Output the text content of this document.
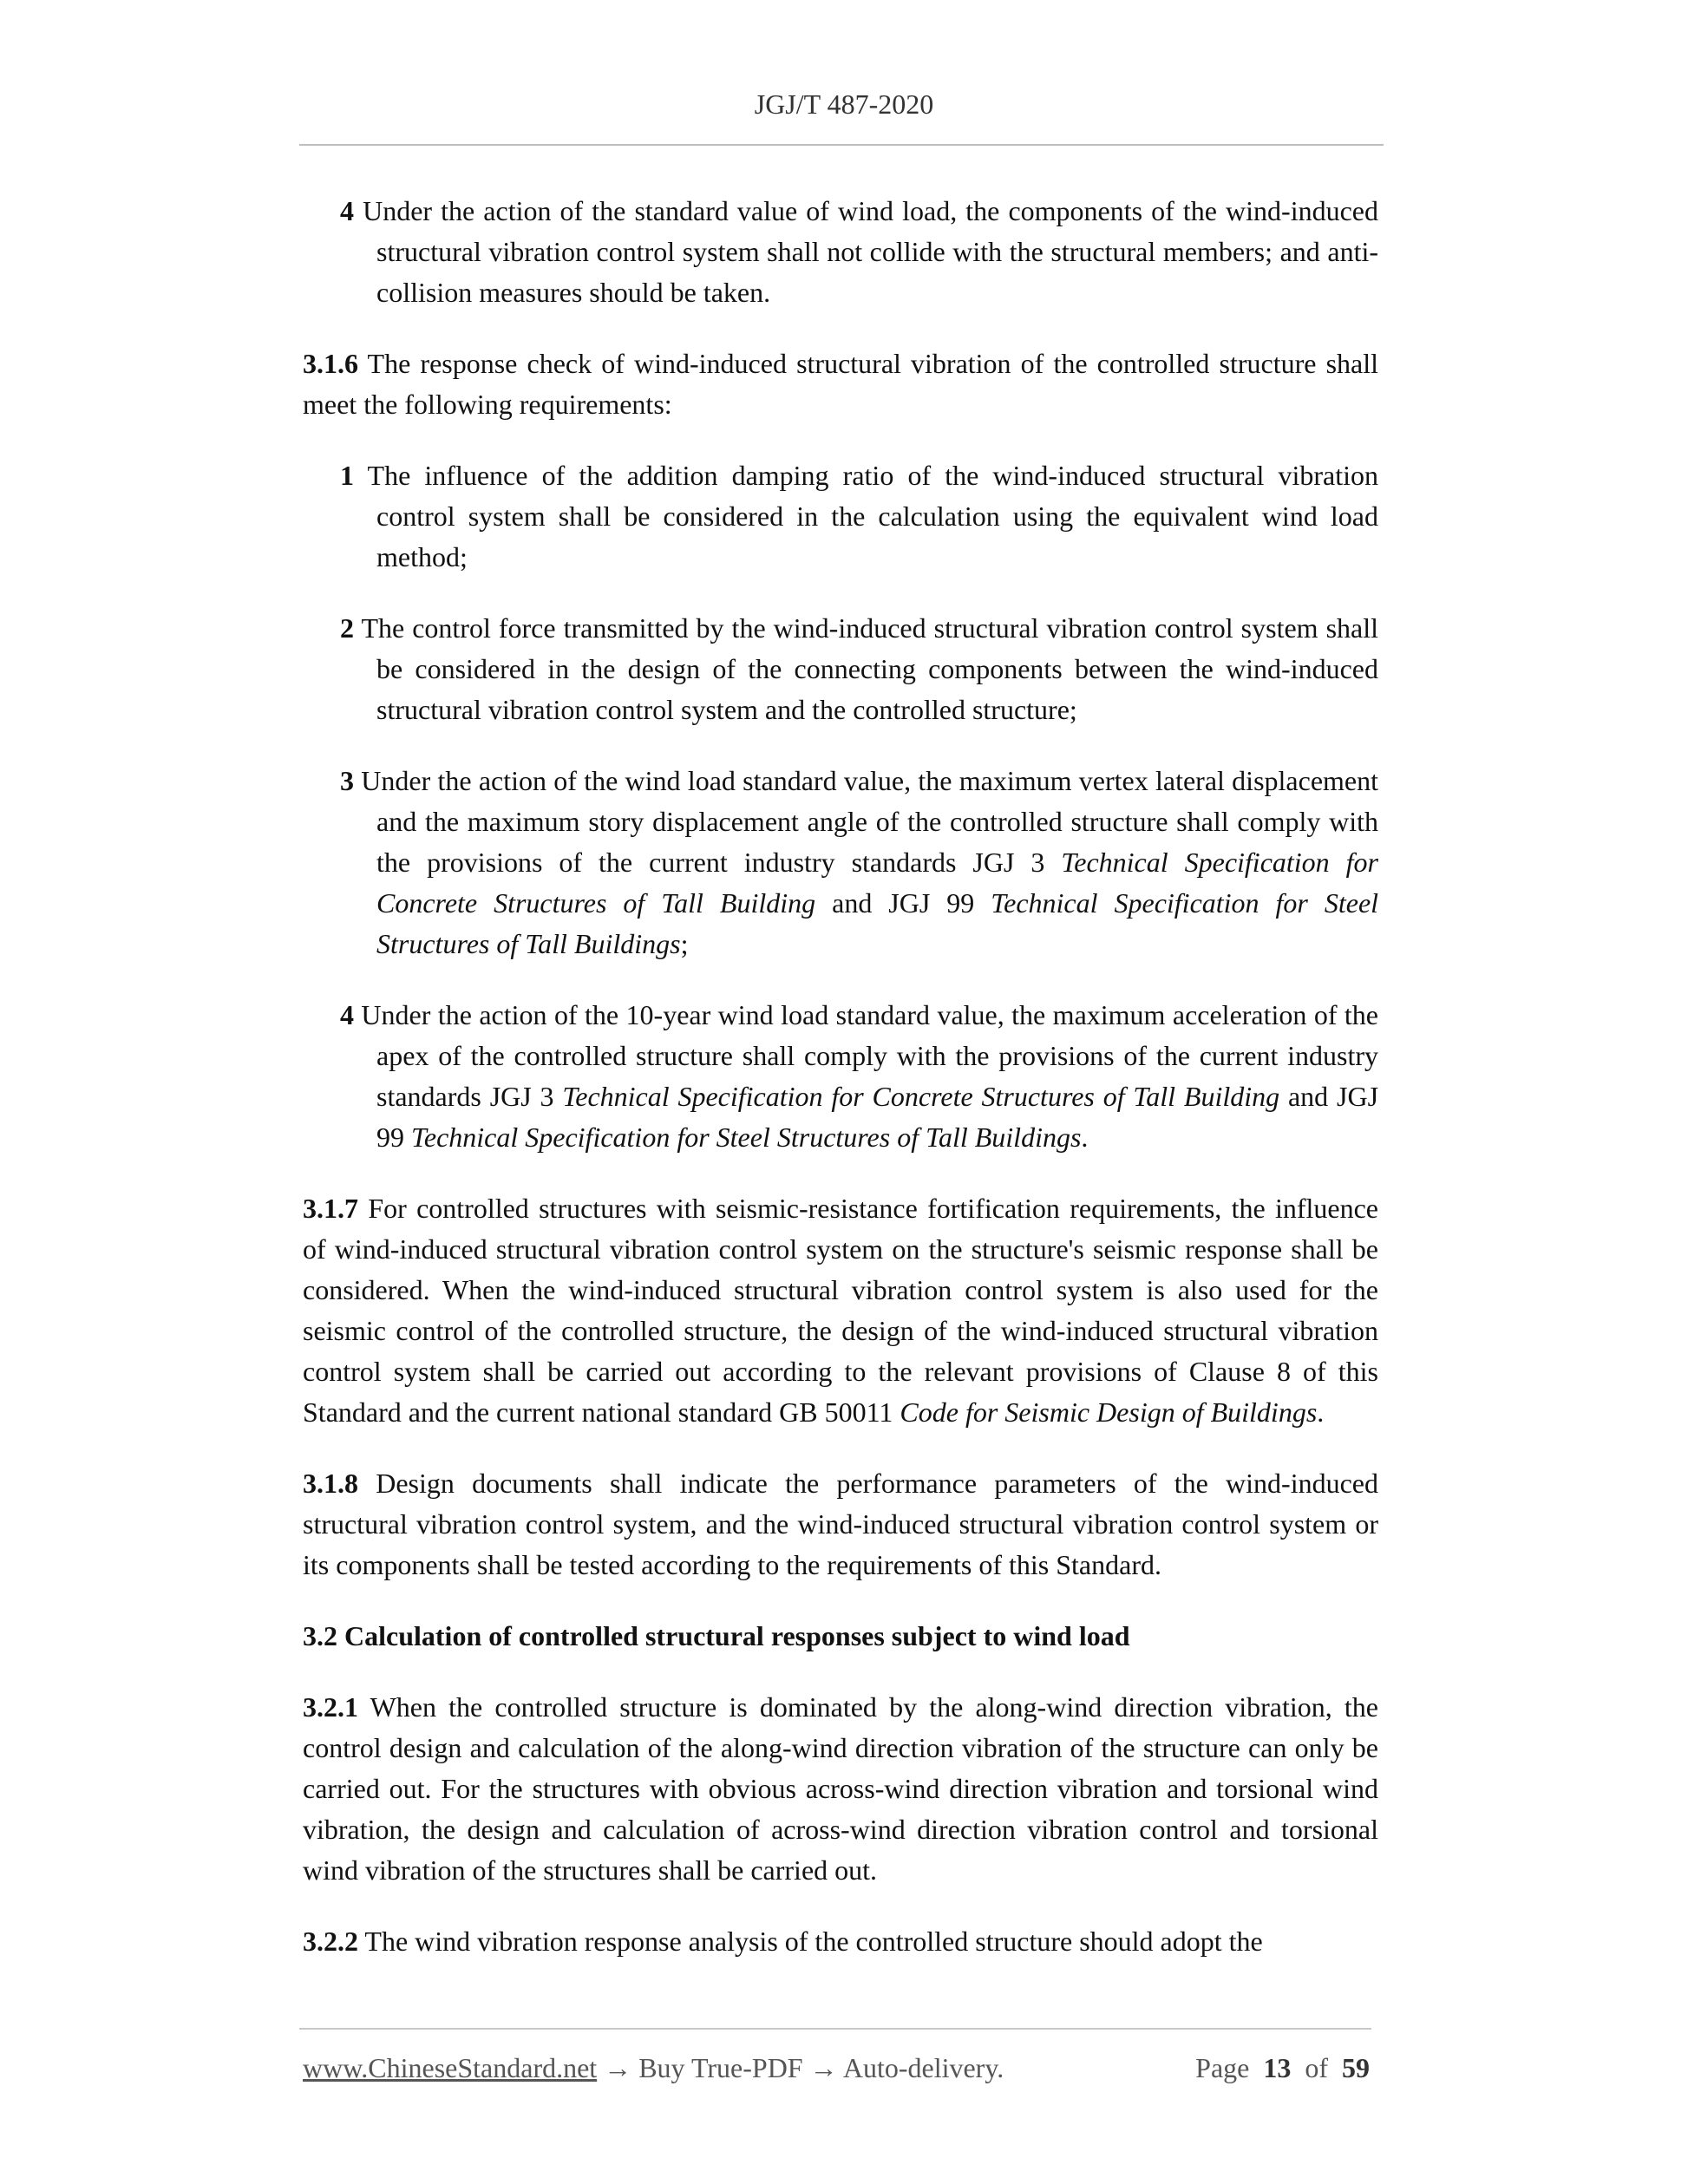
JGJ/T 487-2020

4 Under the action of the standard value of wind load, the components of the wind-induced structural vibration control system shall not collide with the structural members; and anti-collision measures should be taken.

3.1.6 The response check of wind-induced structural vibration of the controlled structure shall meet the following requirements:

1 The influence of the addition damping ratio of the wind-induced structural vibration control system shall be considered in the calculation using the equivalent wind load method;

2 The control force transmitted by the wind-induced structural vibration control system shall be considered in the design of the connecting components between the wind-induced structural vibration control system and the controlled structure;

3 Under the action of the wind load standard value, the maximum vertex lateral displacement and the maximum story displacement angle of the controlled structure shall comply with the provisions of the current industry standards JGJ 3 Technical Specification for Concrete Structures of Tall Building and JGJ 99 Technical Specification for Steel Structures of Tall Buildings;

4 Under the action of the 10-year wind load standard value, the maximum acceleration of the apex of the controlled structure shall comply with the provisions of the current industry standards JGJ 3 Technical Specification for Concrete Structures of Tall Building and JGJ 99 Technical Specification for Steel Structures of Tall Buildings.

3.1.7 For controlled structures with seismic-resistance fortification requirements, the influence of wind-induced structural vibration control system on the structure's seismic response shall be considered. When the wind-induced structural vibration control system is also used for the seismic control of the controlled structure, the design of the wind-induced structural vibration control system shall be carried out according to the relevant provisions of Clause 8 of this Standard and the current national standard GB 50011 Code for Seismic Design of Buildings.

3.1.8 Design documents shall indicate the performance parameters of the wind-induced structural vibration control system, and the wind-induced structural vibration control system or its components shall be tested according to the requirements of this Standard.

3.2 Calculation of controlled structural responses subject to wind load

3.2.1 When the controlled structure is dominated by the along-wind direction vibration, the control design and calculation of the along-wind direction vibration of the structure can only be carried out. For the structures with obvious across-wind direction vibration and torsional wind vibration, the design and calculation of across-wind direction vibration control and torsional wind vibration of the structures shall be carried out.

3.2.2 The wind vibration response analysis of the controlled structure should adopt the

www.ChineseStandard.net → Buy True-PDF → Auto-delivery.	Page 13 of 59
